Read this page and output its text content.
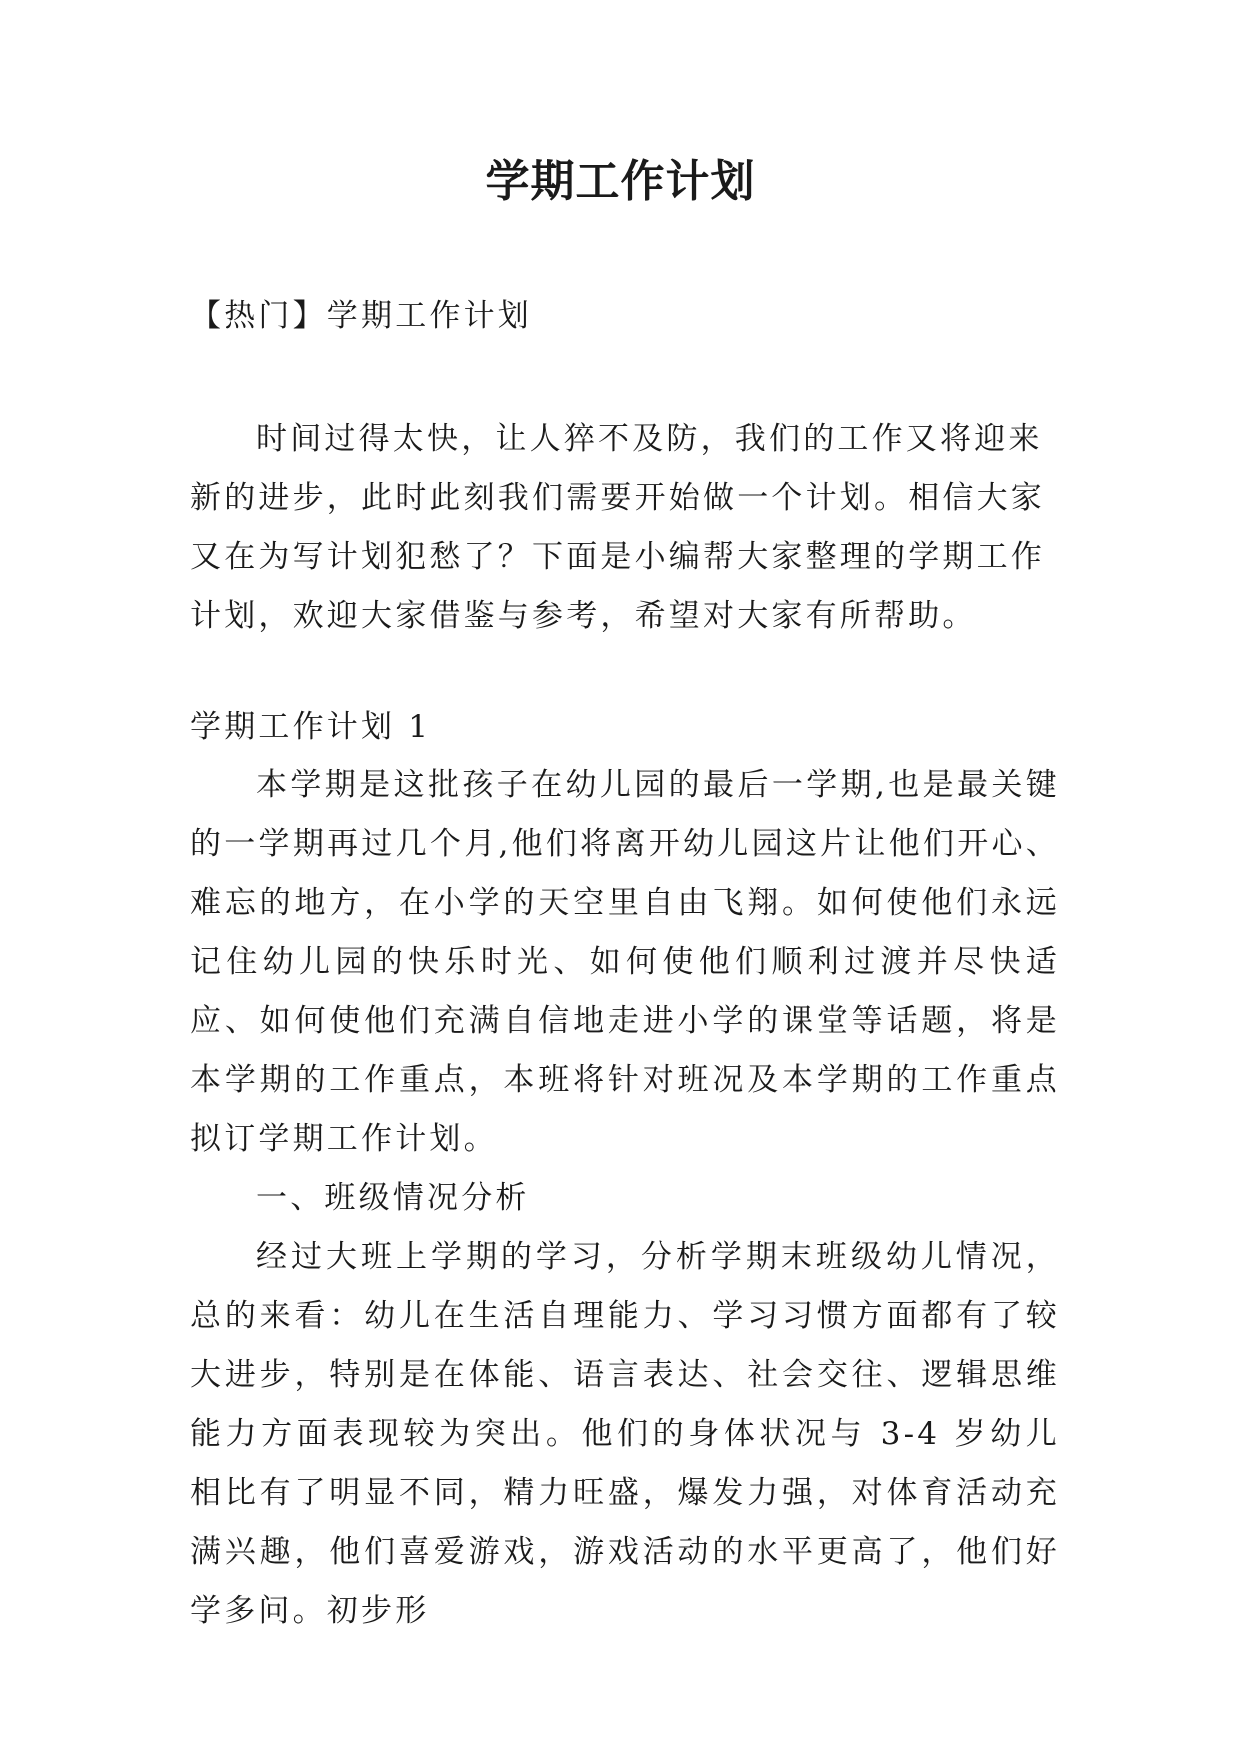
学期工作计划

【热门】学期工作计划

时间过得太快，让人猝不及防，我们的工作又将迎来新的进步，此时此刻我们需要开始做一个计划。相信大家又在为写计划犯愁了？下面是小编帮大家整理的学期工作计划，欢迎大家借鉴与参考，希望对大家有所帮助。

学期工作计划 1

本学期是这批孩子在幼儿园的最后一学期,也是最关键的一学期再过几个月,他们将离开幼儿园这片让他们开心、难忘的地方，在小学的天空里自由飞翔。如何使他们永远记住幼儿园的快乐时光、如何使他们顺利过渡并尽快适应、如何使他们充满自信地走进小学的课堂等话题，将是本学期的工作重点，本班将针对班况及本学期的工作重点拟订学期工作计划。

一、班级情况分析

经过大班上学期的学习，分析学期末班级幼儿情况，总的来看：幼儿在生活自理能力、学习习惯方面都有了较大进步，特别是在体能、语言表达、社会交往、逻辑思维能力方面表现较为突出。他们的身体状况与 3-4 岁幼儿相比有了明显不同，精力旺盛，爆发力强，对体育活动充满兴趣，他们喜爱游戏，游戏活动的水平更高了，他们好学多问。初步形
